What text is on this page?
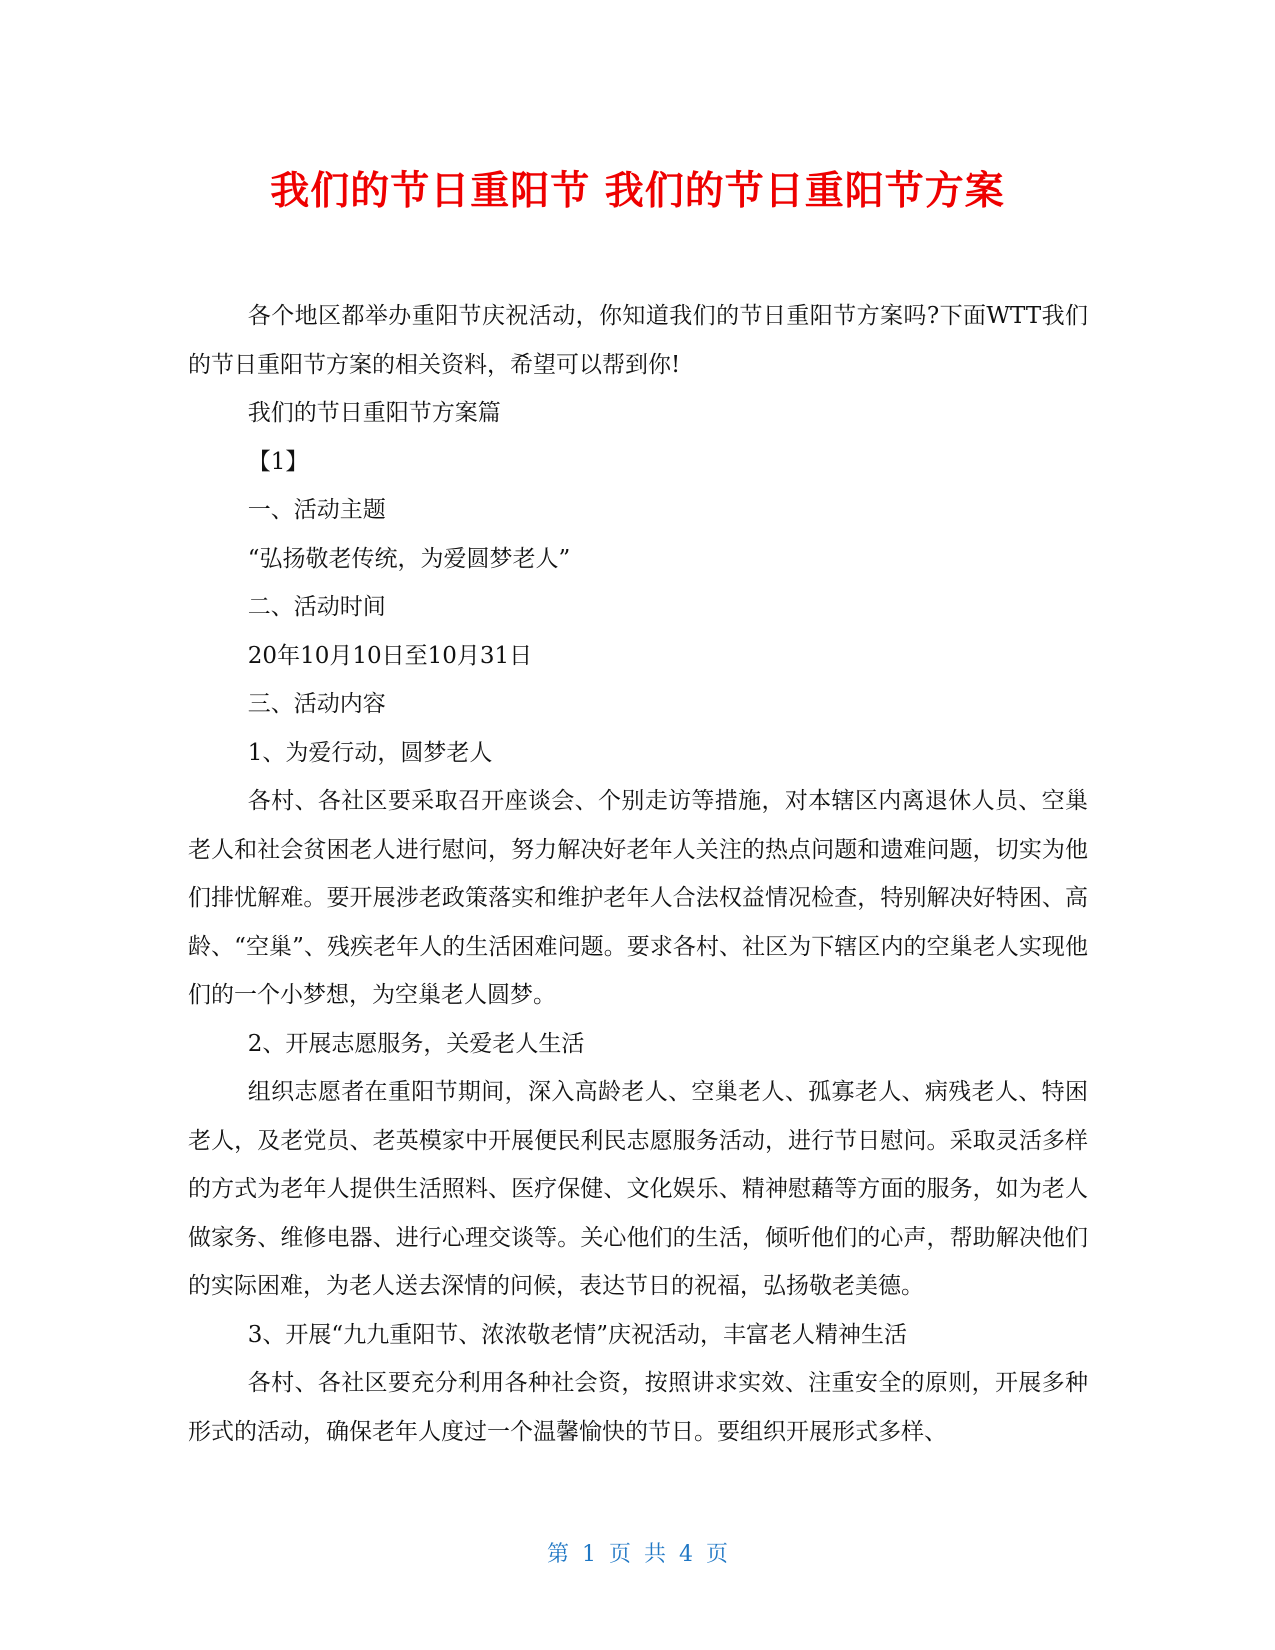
我们的节日重阳节 我们的节日重阳节方案

各个地区都举办重阳节庆祝活动，你知道我们的节日重阳节方案吗?下面WTT我们的节日重阳节方案的相关资料，希望可以帮到你!

我们的节日重阳节方案篇

【1】

一、活动主题

“弘扬敬老传统，为爱圆梦老人”

二、活动时间

20年10月10日至10月31日

三、活动内容

1、为爱行动，圆梦老人

各村、各社区要采取召开座谈会、个别走访等措施，对本辖区内离退休人员、空巢老人和社会贫困老人进行慰问，努力解决好老年人关注的热点问题和遗难问题，切实为他们排忧解难。要开展涉老政策落实和维护老年人合法权益情况检查，特别解决好特困、高龄、“空巢”、残疾老年人的生活困难问题。要求各村、社区为下辖区内的空巢老人实现他们的一个小梦想，为空巢老人圆梦。

2、开展志愿服务，关爱老人生活

组织志愿者在重阳节期间，深入高龄老人、空巢老人、孤寡老人、病残老人、特困老人，及老党员、老英模家中开展便民利民志愿服务活动，进行节日慰问。采取灵活多样的方式为老年人提供生活照料、医疗保健、文化娱乐、精神慰藉等方面的服务，如为老人做家务、维修电器、进行心理交谈等。关心他们的生活，倾听他们的心声，帮助解决他们的实际困难，为老人送去深情的问候，表达节日的祝福，弘扬敬老美德。

3、开展“九九重阳节、浓浓敬老情”庆祝活动，丰富老人精神生活

各村、各社区要充分利用各种社会资，按照讲求实效、注重安全的原则，开展多种形式的活动，确保老年人度过一个温馨愉快的节日。要组织开展形式多样、

第 1 页 共 4 页
